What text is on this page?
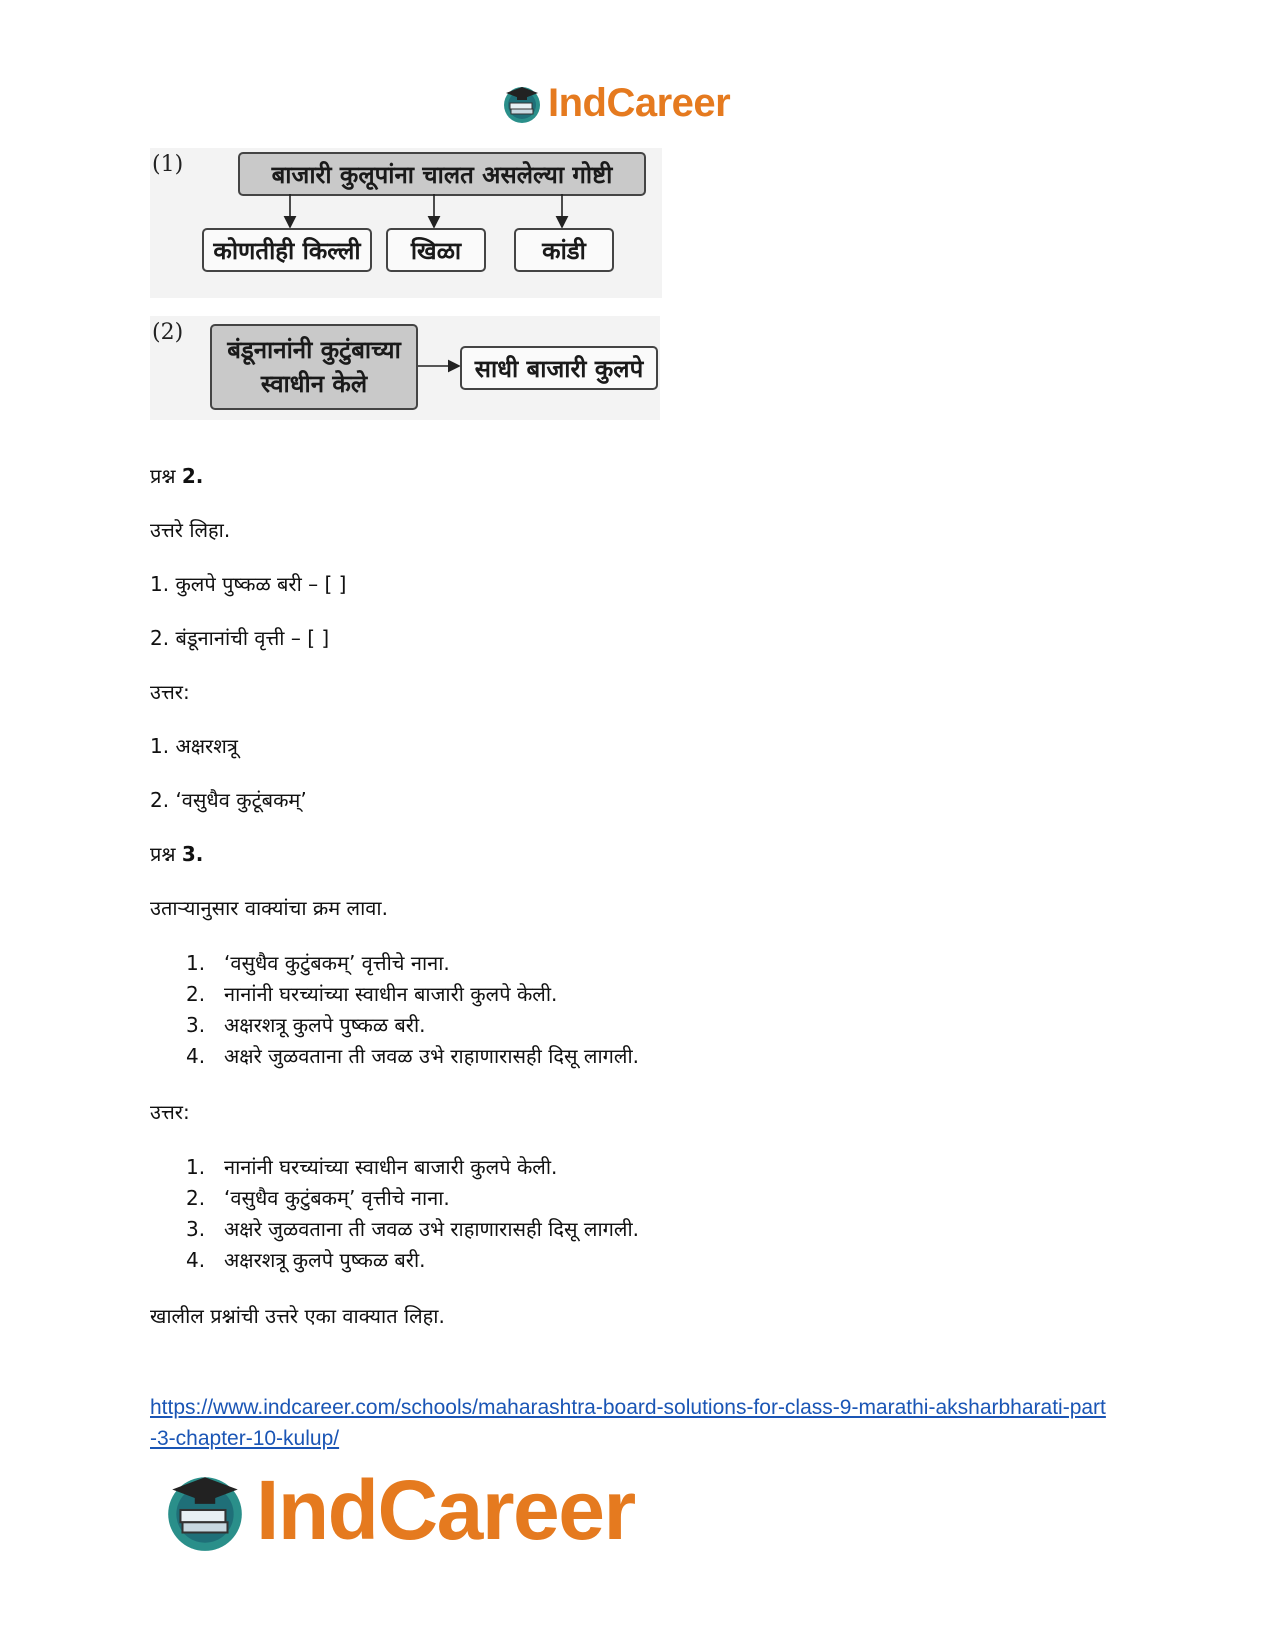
IndCareer
(1)	बाजारी कुलूपांना चालत असलेल्या गोष्टी
कोणतीही किल्ली	खिळा	कांडी
(2)
बंडूनानांनी कुटुंबाच्या
स्वाधीन केले
साधी बाजारी कुलपे
प्रश्न 2.
उत्तरे लिहा.
1. कुलपे पुष्कळ बरी – [ ]
2. बंडूनानांची वृत्ती – [ ]
उत्तर:
1. अक्षरशत्रू
2. ‘वसुधैव कुटूंबकम्’
प्रश्न 3.
उताऱ्यानुसार वाक्यांचा क्रम लावा.
1. ‘वसुधैव कुटुंबकम्’ वृत्तीचे नाना.
2. नानांनी घरच्यांच्या स्वाधीन बाजारी कुलपे केली.
3. अक्षरशत्रू कुलपे पुष्कळ बरी.
4. अक्षरे जुळवताना ती जवळ उभे राहाणारासही दिसू लागली.
उत्तर:
1. नानांनी घरच्यांच्या स्वाधीन बाजारी कुलपे केली.
2. ‘वसुधैव कुटुंबकम्’ वृत्तीचे नाना.
3. अक्षरे जुळवताना ती जवळ उभे राहाणारासही दिसू लागली.
4. अक्षरशत्रू कुलपे पुष्कळ बरी.
खालील प्रश्नांची उत्तरे एका वाक्यात लिहा.
https://www.indcareer.com/schools/maharashtra-board-solutions-for-class-9-marathi-aksharbharati-part-3-chapter-10-kulup/
IndCareer
